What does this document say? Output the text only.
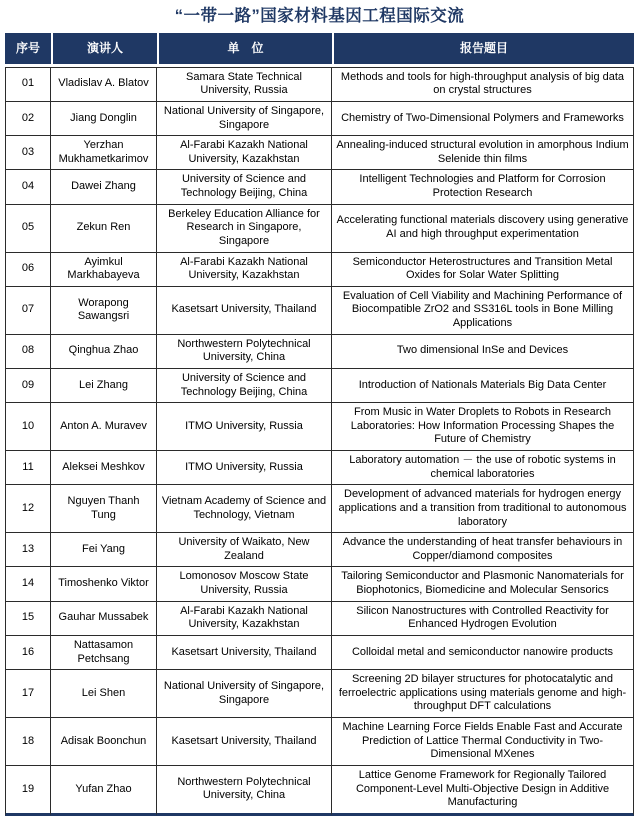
“一带一路”国家材料基因工程国际交流
序号	演讲人	单　位	报告题目
01	Vladislav A. Blatov	Samara State Technical University, Russia	Methods and tools for high-throughput analysis of big data on crystal structures
02	Jiang Donglin	National University of Singapore, Singapore	Chemistry of Two-Dimensional Polymers and Frameworks
03	Yerzhan Mukhametkarimov	Al-Farabi Kazakh National University, Kazakhstan	Annealing-induced structural evolution in amorphous Indium Selenide thin films
04	Dawei Zhang	University of Science and Technology Beijing, China	Intelligent Technologies and Platform for Corrosion Protection Research
05	Zekun Ren	Berkeley Education Alliance for Research in Singapore, Singapore	Accelerating functional materials discovery using generative AI and high throughput experimentation
06	Ayimkul Markhabayeva	Al-Farabi Kazakh National University, Kazakhstan	Semiconductor Heterostructures and Transition Metal Oxides for Solar Water Splitting
07	Worapong Sawangsri	Kasetsart University, Thailand	Evaluation of Cell Viability and Machining Performance of Biocompatible ZrO2 and SS316L tools in Bone Milling Applications
08	Qinghua Zhao	Northwestern Polytechnical University, China	Two dimensional InSe and Devices
09	Lei Zhang	University of Science and Technology Beijing, China	Introduction of Nationals Materials Big Data Center
10	Anton A. Muravev	ITMO University, Russia	From Music in Water Droplets to Robots in Research Laboratories: How Information Processing Shapes the Future of Chemistry
11	Aleksei Meshkov	ITMO University, Russia	Laboratory automation － the use of robotic systems in chemical laboratories
12	Nguyen Thanh Tung	Vietnam Academy of Science and Technology, Vietnam	Development of advanced materials for hydrogen energy applications and a transition from traditional to autonomous laboratory
13	Fei Yang	University of Waikato, New Zealand	Advance the understanding of heat transfer behaviours in Copper/diamond composites
14	Timoshenko Viktor	Lomonosov Moscow State University, Russia	Tailoring Semiconductor and Plasmonic Nanomaterials for Biophotonics, Biomedicine and Molecular Sensorics
15	Gauhar Mussabek	Al-Farabi Kazakh National University, Kazakhstan	Silicon Nanostructures with Controlled Reactivity for Enhanced Hydrogen Evolution
16	Nattasamon Petchsang	Kasetsart University, Thailand	Colloidal metal and semiconductor nanowire products
17	Lei Shen	National University of Singapore, Singapore	Screening 2D bilayer structures for photocatalytic and ferroelectric applications using materials genome and high-throughput DFT calculations
18	Adisak Boonchun	Kasetsart University, Thailand	Machine Learning Force Fields Enable Fast and Accurate Prediction of Lattice Thermal Conductivity in Two-Dimensional MXenes
19	Yufan Zhao	Northwestern Polytechnical University, China	Lattice Genome Framework for Regionally Tailored Component-Level Multi-Objective Design in Additive Manufacturing
